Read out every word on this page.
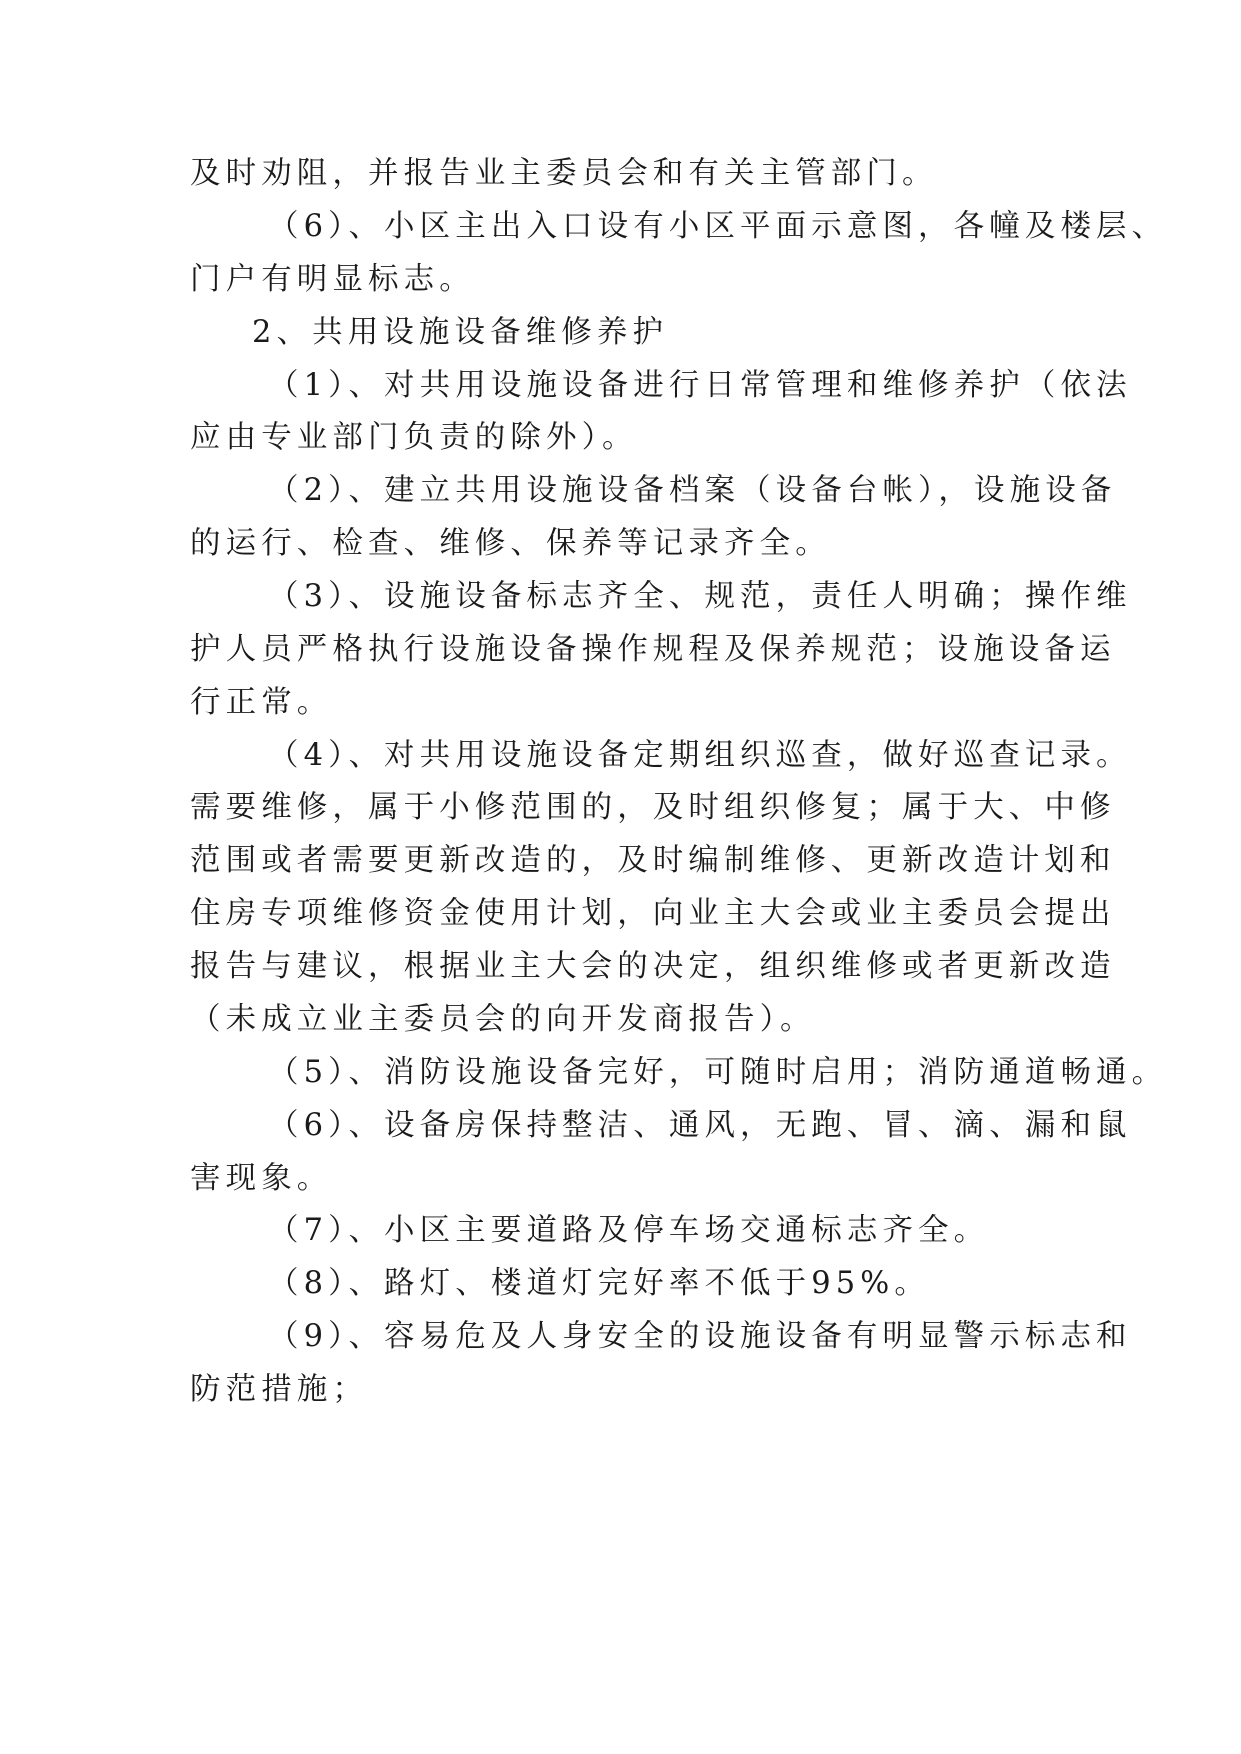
及时劝阻，并报告业主委员会和有关主管部门。
（6）、小区主出入口设有小区平面示意图，各幢及楼层、
门户有明显标志。
2、共用设施设备维修养护
（1）、对共用设施设备进行日常管理和维修养护（依法
应由专业部门负责的除外）。
（2）、建立共用设施设备档案（设备台帐），设施设备
的运行、检查、维修、保养等记录齐全。
（3）、设施设备标志齐全、规范，责任人明确；操作维
护人员严格执行设施设备操作规程及保养规范；设施设备运
行正常。
（4）、对共用设施设备定期组织巡查，做好巡查记录。
需要维修，属于小修范围的，及时组织修复；属于大、中修
范围或者需要更新改造的，及时编制维修、更新改造计划和
住房专项维修资金使用计划，向业主大会或业主委员会提出
报告与建议，根据业主大会的决定，组织维修或者更新改造
（未成立业主委员会的向开发商报告）。
（5）、消防设施设备完好，可随时启用；消防通道畅通。
（6）、设备房保持整洁、通风，无跑、冒、滴、漏和鼠
害现象。
（7）、小区主要道路及停车场交通标志齐全。
（8）、路灯、楼道灯完好率不低于95%。
（9）、容易危及人身安全的设施设备有明显警示标志和
防范措施；
